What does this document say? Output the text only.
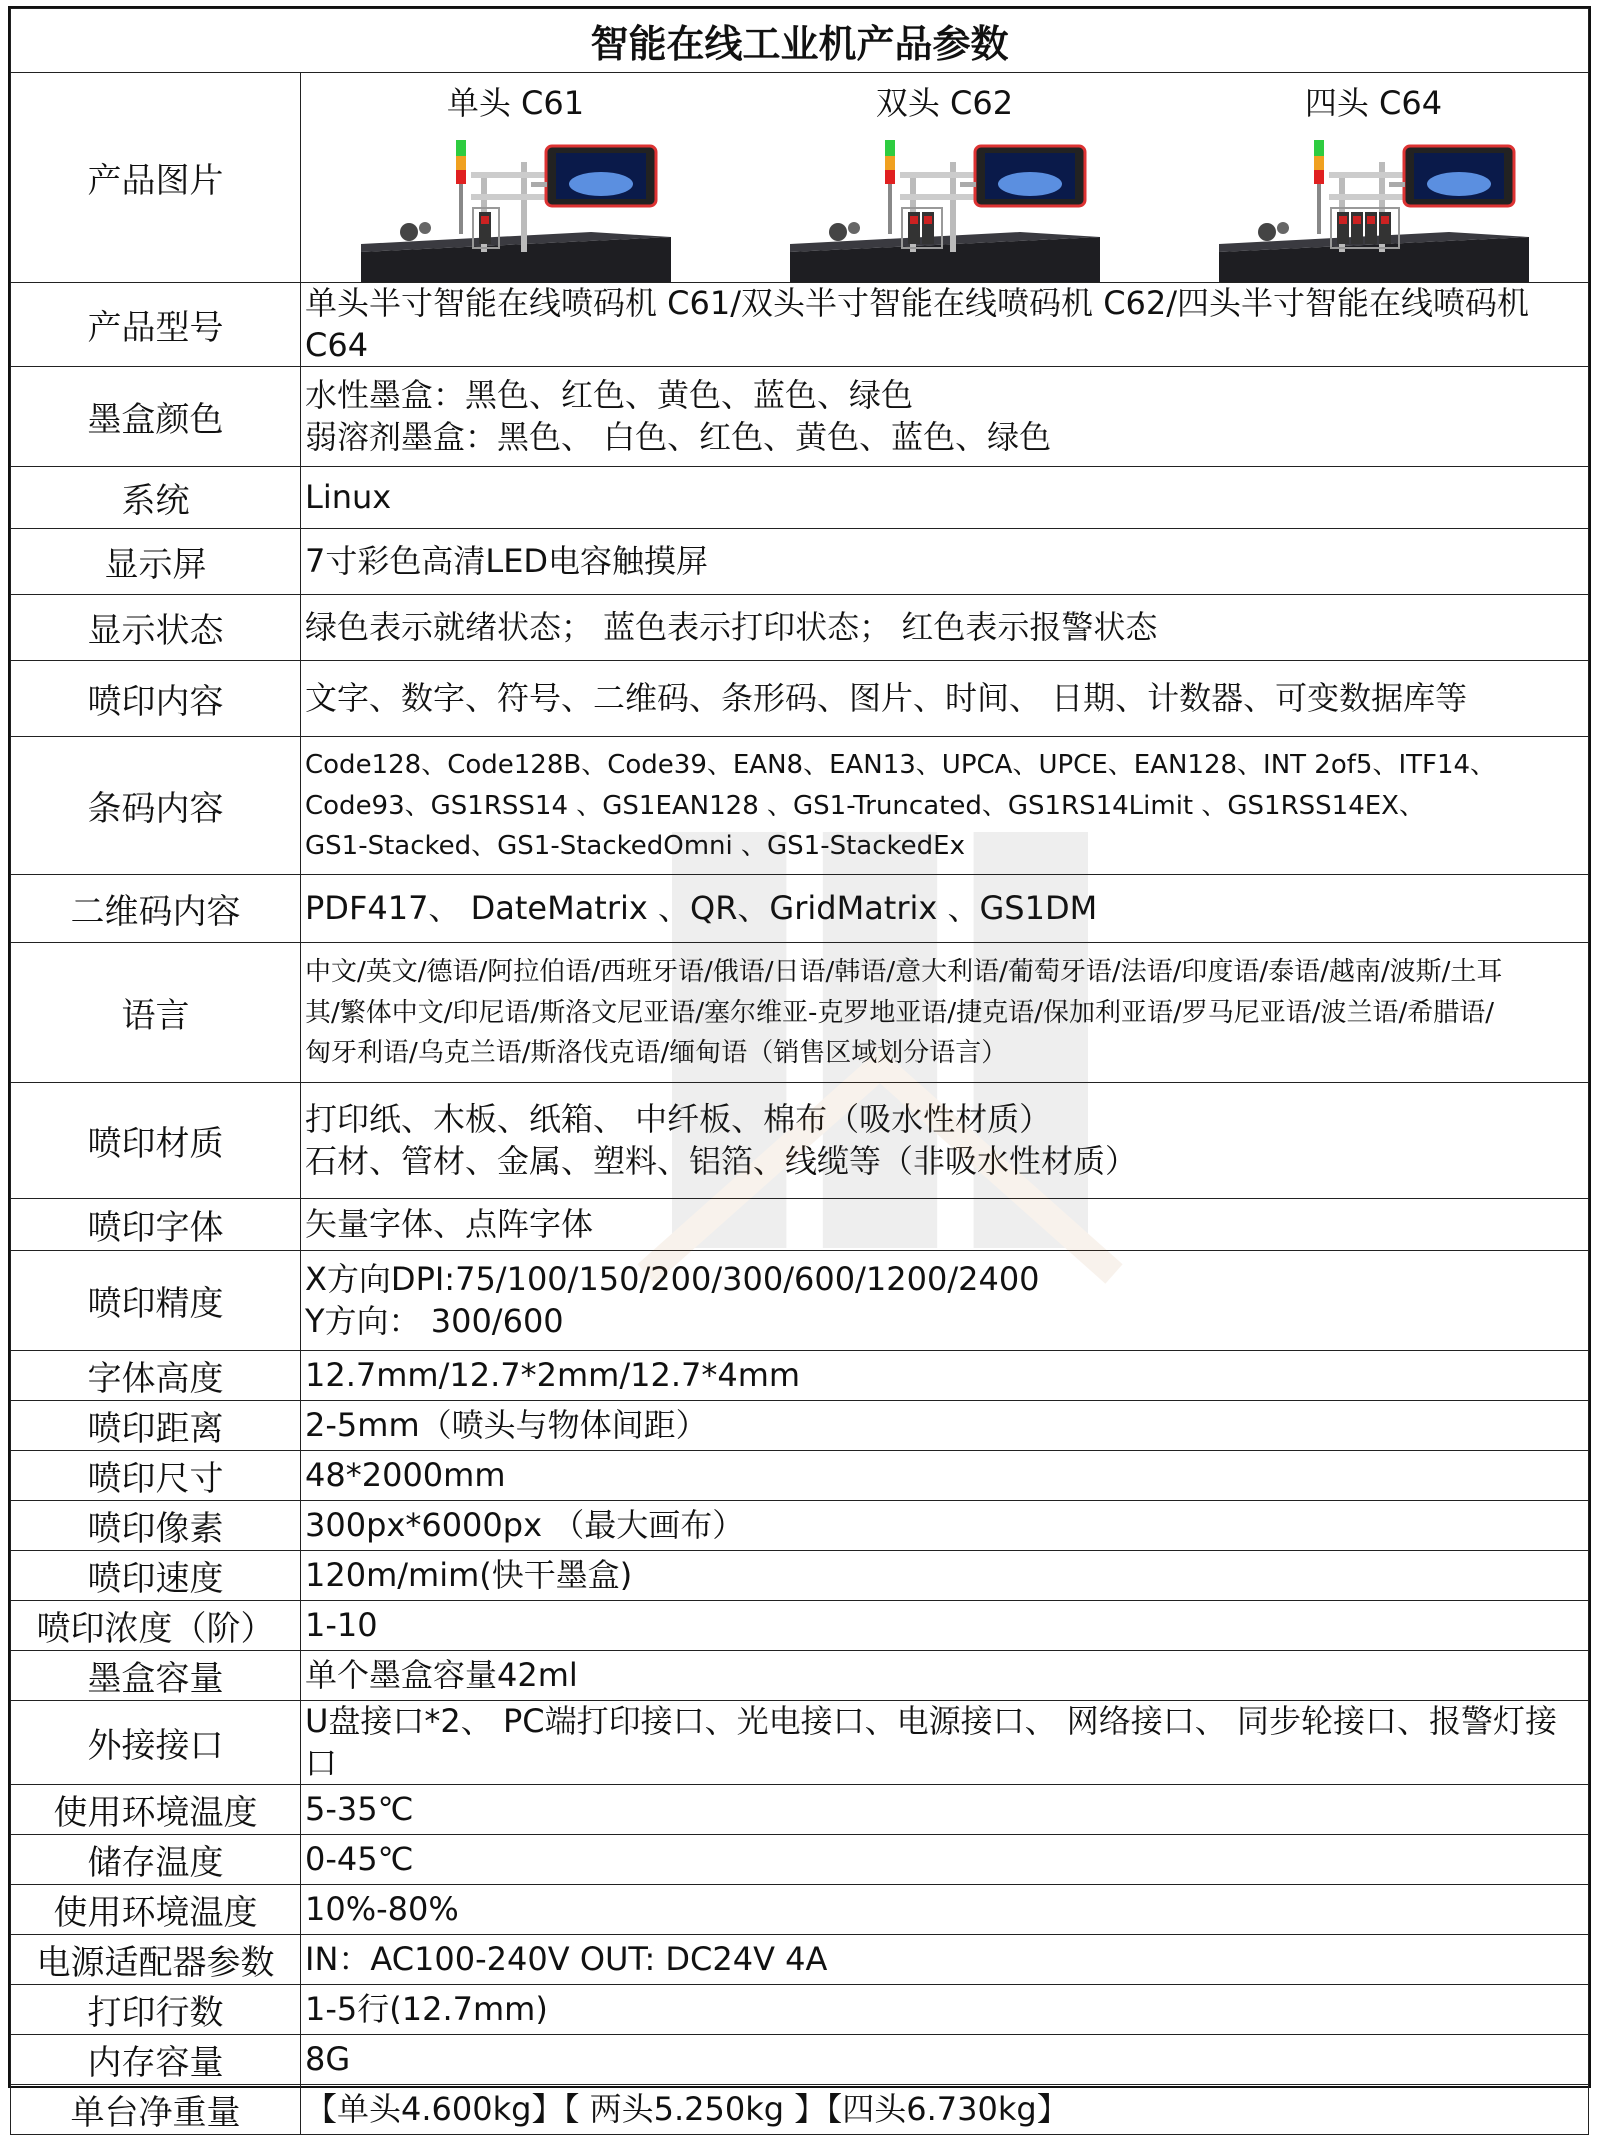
智能在线工业机产品参数	
产品图片	单头 C61 双头 C62 四头 C64

产品型号	单头半寸智能在线喷码机 C61/双头半寸智能在线喷码机 C62/四头半寸智能在线喷码机 C64

墨盒颜色	水性墨盒：黑色、红色、黄色、蓝色、绿色
弱溶剂墨盒：黑色、 白色、红色、黄色、蓝色、绿色

系统	Linux

显示屏	7寸彩色高清LED电容触摸屏

显示状态	绿色表示就绪状态； 蓝色表示打印状态； 红色表示报警状态

喷印内容	文字、数字、符号、二维码、条形码、图片、时间、 日期、计数器、可变数据库等

条码内容	Code128、Code128B、Code39、EAN8、EAN13、UPCA、UPCE、EAN128、INT 2of5、ITF14、
Code93、GS1RSS14 、GS1EAN128 、GS1-Truncated、GS1RS14Limit 、GS1RSS14EX、
GS1-Stacked、GS1-StackedOmni 、GS1-StackedEx

二维码内容	PDF417、 DateMatrix 、QR、GridMatrix 、GS1DM

语言	中文/英文/德语/阿拉伯语/西班牙语/俄语/日语/韩语/意大利语/葡萄牙语/法语/印度语/泰语/越南/波斯/土耳
其/繁体中文/印尼语/斯洛文尼亚语/塞尔维亚-克罗地亚语/捷克语/保加利亚语/罗马尼亚语/波兰语/希腊语/
匈牙利语/乌克兰语/斯洛伐克语/缅甸语（销售区域划分语言）

喷印材质	打印纸、木板、纸箱、 中纤板、棉布（吸水性材质）
石材、管材、金属、塑料、铝箔、线缆等（非吸水性材质）

喷印字体	矢量字体、点阵字体

喷印精度	X方向DPI:75/100/150/200/300/600/1200/2400
Y方向： 300/600

字体高度	12.7mm/12.7*2mm/12.7*4mm

喷印距离	2-5mm（喷头与物体间距）

喷印尺寸	48*2000mm

喷印像素	300px*6000px （最大画布）

喷印速度	120m/mim(快干墨盒)

喷印浓度（阶）	1-10

墨盒容量	单个墨盒容量42ml

外接接口	U盘接口*2、 PC端打印接口、光电接口、电源接口、 网络接口、 同步轮接口、报警灯接口

使用环境温度	5-35℃

储存温度	0-45℃

使用环境温度	10%-80%

电源适配器参数	IN：AC100-240V OUT: DC24V 4A

打印行数	1-5行(12.7mm)

内存容量	8G

单台净重量	【单头4.600kg】【 两头5.250kg 】【四头6.730kg】
